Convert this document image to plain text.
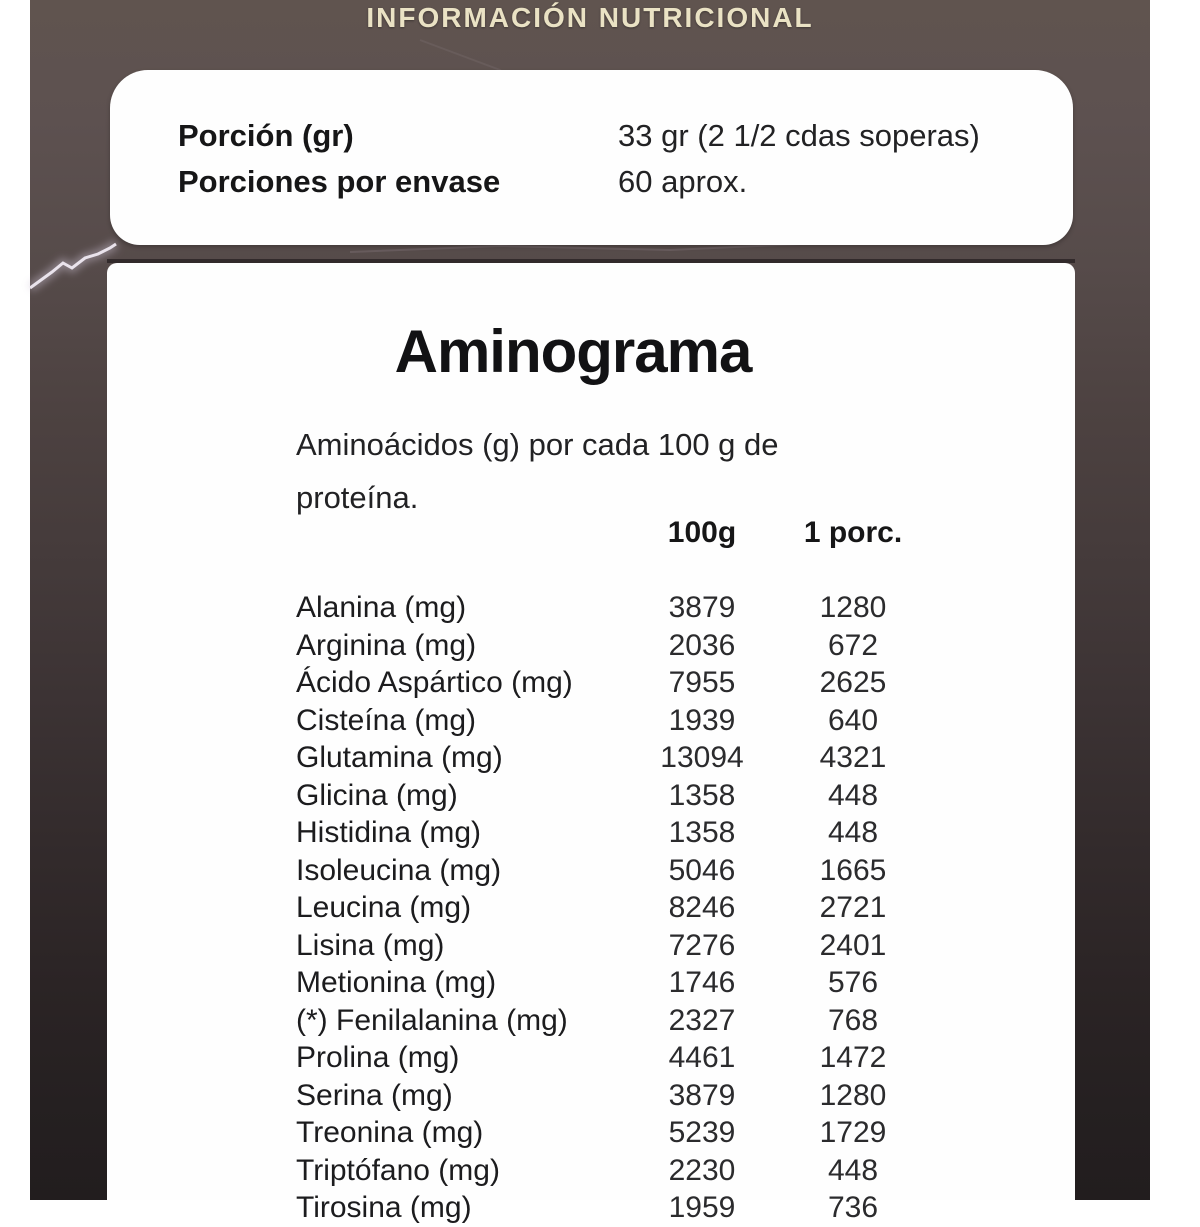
INFORMACIÓN NUTRICIONAL
Porción (gr)	33 gr (2 1/2 cdas soperas)
Porciones por envase	60 aprox.
Aminograma
Aminoácidos (g) por cada 100 g de
proteína.
100g	1 porc.
Alanina (mg)	3879	1280
Arginina (mg)	2036	672
Ácido Aspártico (mg)	7955	2625
Cisteína (mg)	1939	640
Glutamina (mg)	13094	4321
Glicina (mg)	1358	448
Histidina (mg)	1358	448
Isoleucina (mg)	5046	1665
Leucina (mg)	8246	2721
Lisina (mg)	7276	2401
Metionina (mg)	1746	576
(*) Fenilalanina (mg)	2327	768
Prolina (mg)	4461	1472
Serina (mg)	3879	1280
Treonina (mg)	5239	1729
Triptófano (mg)	2230	448
Tirosina (mg)	1959	736
